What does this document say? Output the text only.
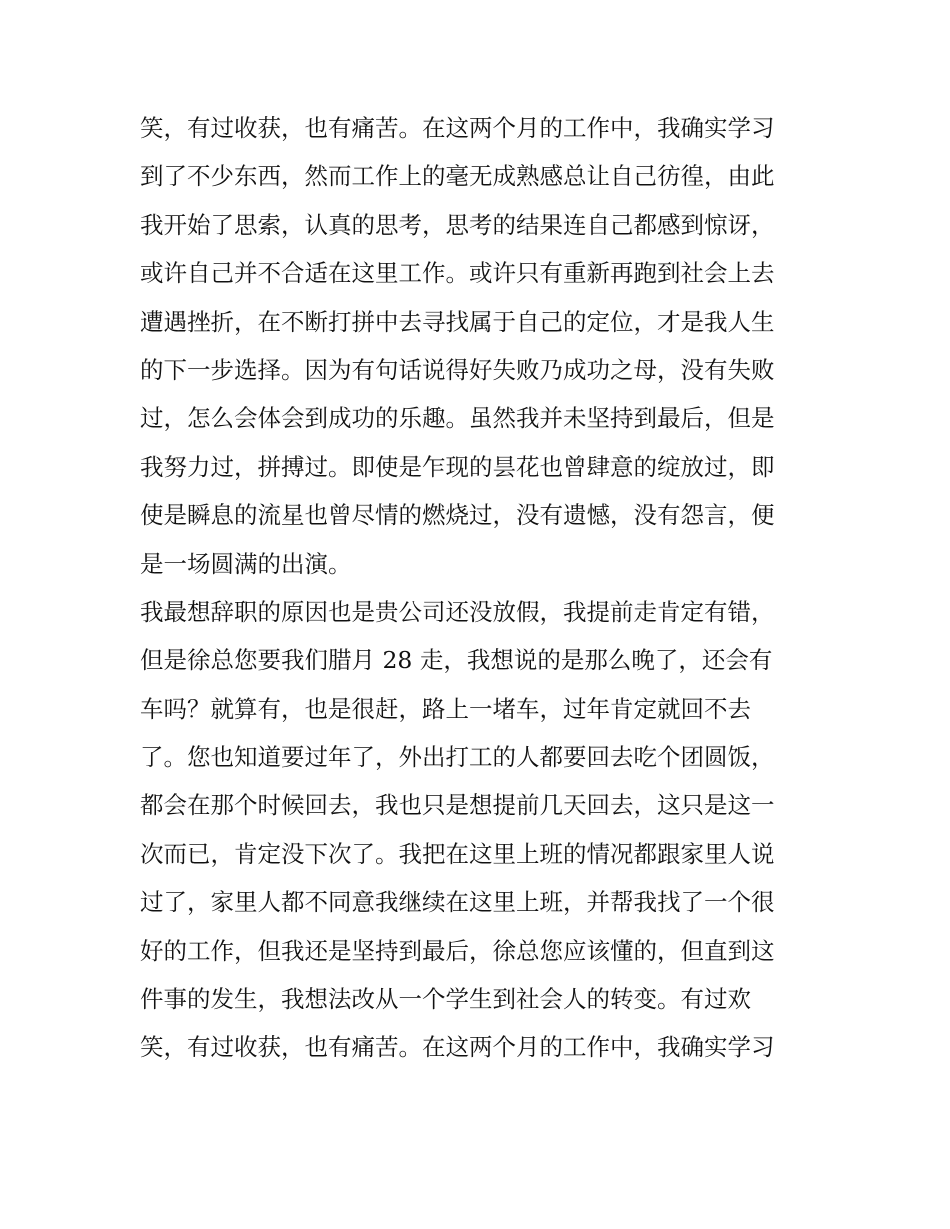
笑，有过收获，也有痛苦。在这两个月的工作中，我确实学习

到了不少东西，然而工作上的毫无成熟感总让自己彷徨，由此

我开始了思索，认真的思考，思考的结果连自己都感到惊讶，

或许自己并不合适在这里工作。或许只有重新再跑到社会上去

遭遇挫折，在不断打拼中去寻找属于自己的定位，才是我人生

的下一步选择。因为有句话说得好失败乃成功之母，没有失败

过，怎么会体会到成功的乐趣。虽然我并未坚持到最后，但是

我努力过，拼搏过。即使是乍现的昙花也曾肆意的绽放过，即

使是瞬息的流星也曾尽情的燃烧过，没有遗憾，没有怨言，便

是一场圆满的出演。

我最想辞职的原因也是贵公司还没放假，我提前走肯定有错，

但是徐总您要我们腊月 28 走，我想说的是那么晚了，还会有

车吗？就算有，也是很赶，路上一堵车，过年肯定就回不去

了。您也知道要过年了，外出打工的人都要回去吃个团圆饭，

都会在那个时候回去，我也只是想提前几天回去，这只是这一

次而已，肯定没下次了。我把在这里上班的情况都跟家里人说

过了，家里人都不同意我继续在这里上班，并帮我找了一个很

好的工作，但我还是坚持到最后，徐总您应该懂的，但直到这

件事的发生，我想法改从一个学生到社会人的转变。有过欢

笑，有过收获，也有痛苦。在这两个月的工作中，我确实学习
